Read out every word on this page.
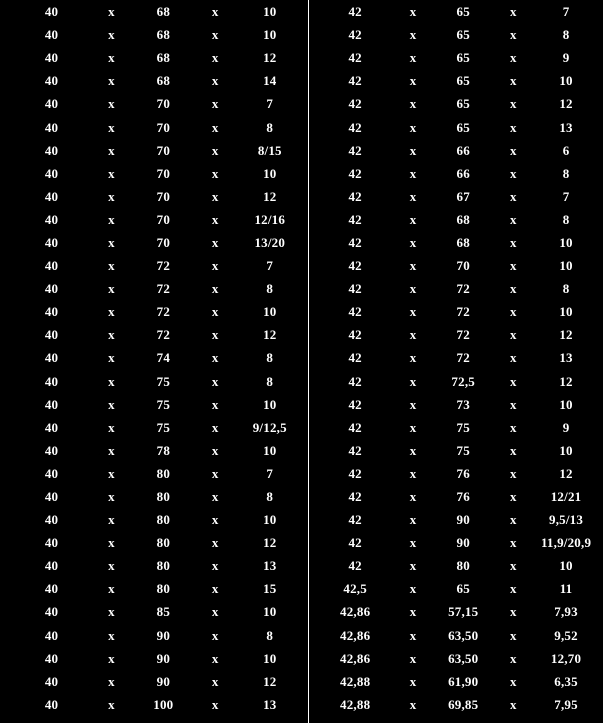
40	x	68	x	10
40	x	68	x	10
40	x	68	x	12
40	x	68	x	14
40	x	70	x	7
40	x	70	x	8
40	x	70	x	8/15
40	x	70	x	10
40	x	70	x	12
40	x	70	x	12/16
40	x	70	x	13/20
40	x	72	x	7
40	x	72	x	8
40	x	72	x	10
40	x	72	x	12
40	x	74	x	8
40	x	75	x	8
40	x	75	x	10
40	x	75	x	9/12,5
40	x	78	x	10
40	x	80	x	7
40	x	80	x	8
40	x	80	x	10
40	x	80	x	12
40	x	80	x	13
40	x	80	x	15
40	x	85	x	10
40	x	90	x	8
40	x	90	x	10
40	x	90	x	12
40	x	100	x	13
42	x	65	x	7
42	x	65	x	8
42	x	65	x	9
42	x	65	x	10
42	x	65	x	12
42	x	65	x	13
42	x	66	x	6
42	x	66	x	8
42	x	67	x	7
42	x	68	x	8
42	x	68	x	10
42	x	70	x	10
42	x	72	x	8
42	x	72	x	10
42	x	72	x	12
42	x	72	x	13
42	x	72,5	x	12
42	x	73	x	10
42	x	75	x	9
42	x	75	x	10
42	x	76	x	12
42	x	76	x	12/21
42	x	90	x	9,5/13
42	x	90	x	11,9/20,9
42	x	80	x	10
42,5	x	65	x	11
42,86	x	57,15	x	7,93
42,86	x	63,50	x	9,52
42,86	x	63,50	x	12,70
42,88	x	61,90	x	6,35
42,88	x	69,85	x	7,95
